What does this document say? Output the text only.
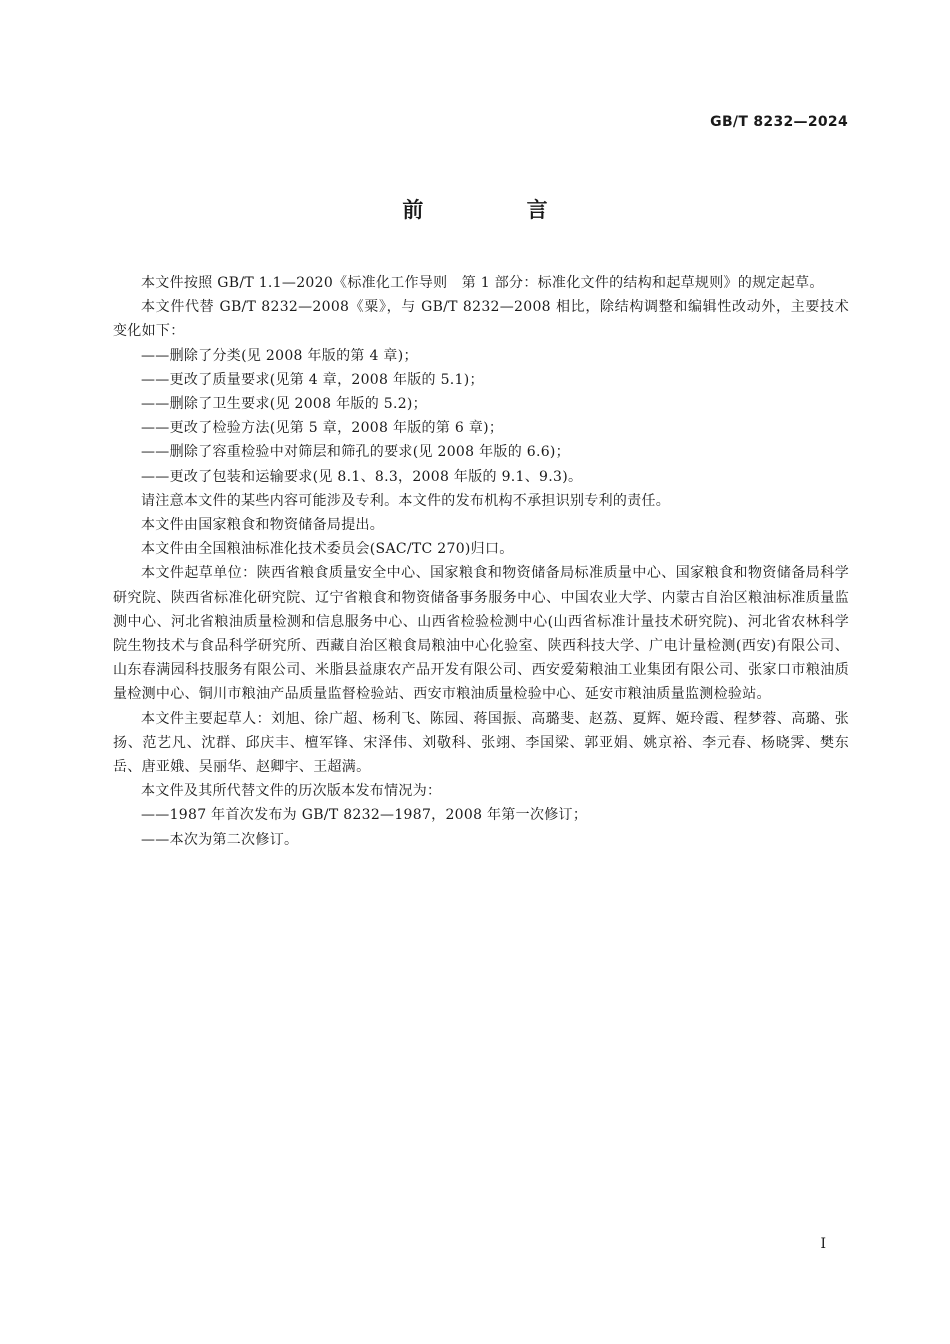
GB/T 8232—2024

前 言

本文件按照 GB/T 1.1—2020《标准化工作导则　第 1 部分：标准化文件的结构和起草规则》的规定起草。

本文件代替 GB/T 8232—2008《粟》，与 GB/T 8232—2008 相比，除结构调整和编辑性改动外，主要技术变化如下：

——删除了分类(见 2008 年版的第 4 章)；

——更改了质量要求(见第 4 章，2008 年版的 5.1)；

——删除了卫生要求(见 2008 年版的 5.2)；

——更改了检验方法(见第 5 章，2008 年版的第 6 章)；

——删除了容重检验中对筛层和筛孔的要求(见 2008 年版的 6.6)；

——更改了包装和运输要求(见 8.1、8.3，2008 年版的 9.1、9.3)。

请注意本文件的某些内容可能涉及专利。本文件的发布机构不承担识别专利的责任。

本文件由国家粮食和物资储备局提出。

本文件由全国粮油标准化技术委员会(SAC/TC 270)归口。

本文件起草单位：陕西省粮食质量安全中心、国家粮食和物资储备局标准质量中心、国家粮食和物资储备局科学研究院、陕西省标准化研究院、辽宁省粮食和物资储备事务服务中心、中国农业大学、内蒙古自治区粮油标准质量监测中心、河北省粮油质量检测和信息服务中心、山西省检验检测中心(山西省标准计量技术研究院)、河北省农林科学院生物技术与食品科学研究所、西藏自治区粮食局粮油中心化验室、陕西科技大学、广电计量检测(西安)有限公司、山东春满园科技服务有限公司、米脂县益康农产品开发有限公司、西安爱菊粮油工业集团有限公司、张家口市粮油质量检测中心、铜川市粮油产品质量监督检验站、西安市粮油质量检验中心、延安市粮油质量监测检验站。

本文件主要起草人：刘旭、徐广超、杨利飞、陈园、蒋国振、高璐斐、赵荔、夏辉、姬玲霞、程梦蓉、高璐、张扬、范艺凡、沈群、邱庆丰、檀军锋、宋泽伟、刘敬科、张翊、李国梁、郭亚娟、姚京裕、李元春、杨晓霁、樊东岳、唐亚娥、吴丽华、赵卿宇、王超满。

本文件及其所代替文件的历次版本发布情况为：

——1987 年首次发布为 GB/T 8232—1987，2008 年第一次修订；

——本次为第二次修订。

I
